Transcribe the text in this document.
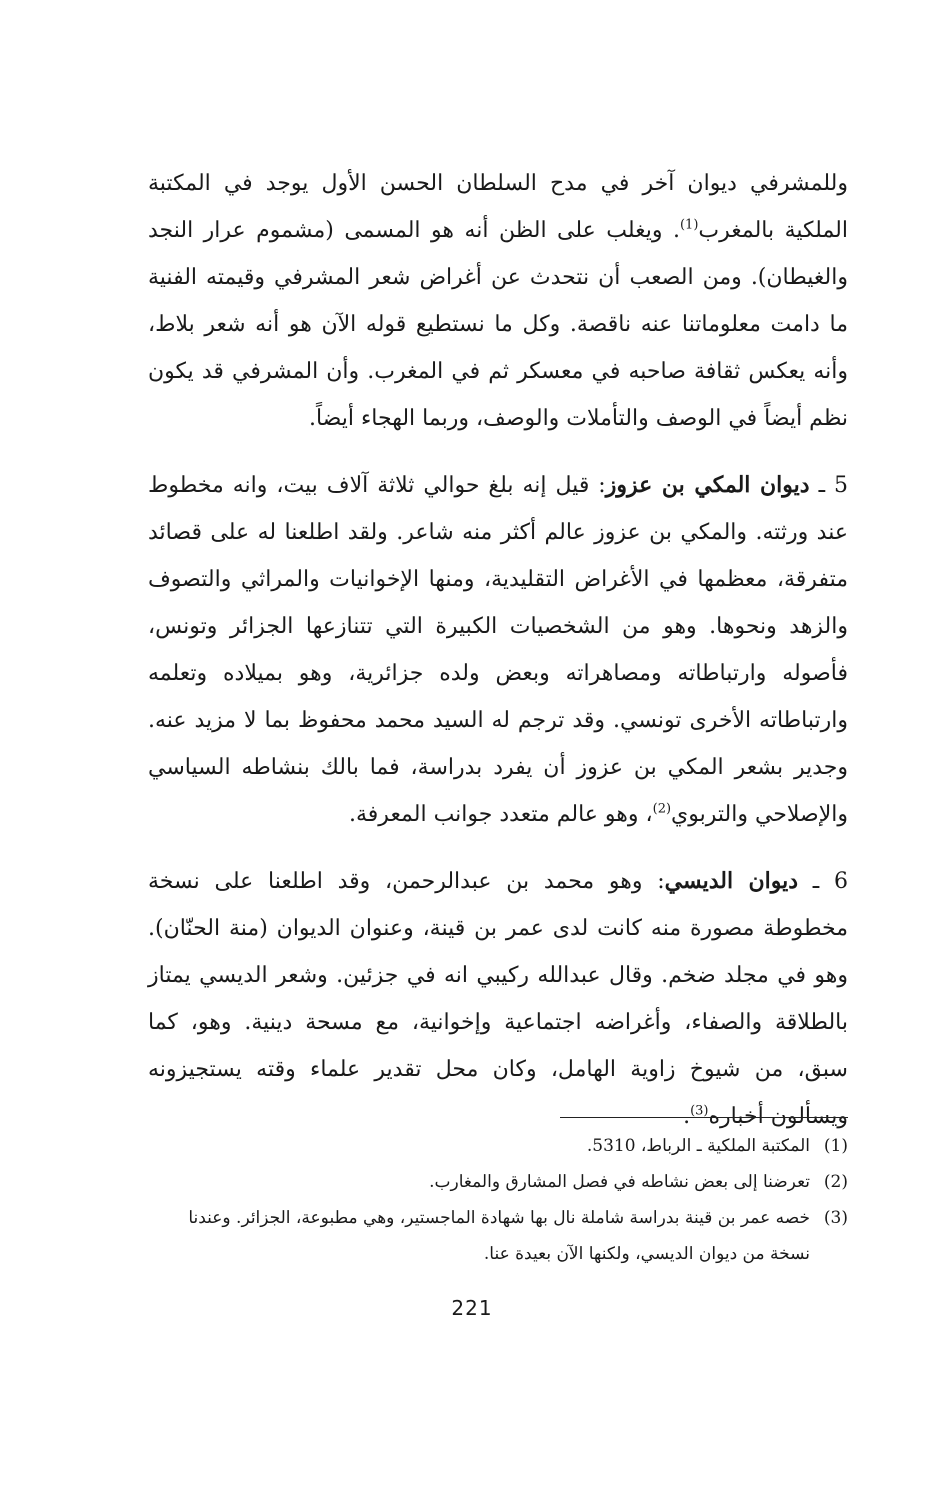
وللمشرفي ديوان آخر في مدح السلطان الحسن الأول يوجد في المكتبة الملكية بالمغرب$^{(1)}$. ويغلب على الظن أنه هو المسمى (مشموم عرار النجد والغيطان). ومن الصعب أن نتحدث عن أغراض شعر المشرفي وقيمته الفنية ما دامت معلوماتنا عنه ناقصة. وكل ما نستطيع قوله الآن هو أنه شعر بلاط، وأنه يعكس ثقافة صاحبه في معسكر ثم في المغرب. وأن المشرفي قد يكون نظم أيضاً في الوصف والتأملات والوصف، وربما الهجاء أيضاً.

5 ـ ديوان المكي بن عزوز: قيل إنه بلغ حوالي ثلاثة آلاف بيت، وانه مخطوط عند ورثته. والمكي بن عزوز عالم أكثر منه شاعر. ولقد اطلعنا له على قصائد متفرقة، معظمها في الأغراض التقليدية، ومنها الإخوانيات والمراثي والتصوف والزهد ونحوها. وهو من الشخصيات الكبيرة التي تتنازعها الجزائر وتونس، فأصوله وارتباطاته ومصاهراته وبعض ولده جزائرية، وهو بميلاده وتعلمه وارتباطاته الأخرى تونسي. وقد ترجم له السيد محمد محفوظ بما لا مزيد عنه. وجدير بشعر المكي بن عزوز أن يفرد بدراسة، فما بالك بنشاطه السياسي والإصلاحي والتربوي$^{(2)}$، وهو عالم متعدد جوانب المعرفة.

6 ـ ديوان الديسي: وهو محمد بن عبدالرحمن، وقد اطلعنا على نسخة مخطوطة مصورة منه كانت لدى عمر بن قينة، وعنوان الديوان (منة الحنّان). وهو في مجلد ضخم. وقال عبدالله ركيبي انه في جزئين. وشعر الديسي يمتاز بالطلاقة والصفاء، وأغراضه اجتماعية وإخوانية، مع مسحة دينية. وهو، كما سبق، من شيوخ زاوية الهامل، وكان محل تقدير علماء وقته يستجيزونه ويسألون أخباره$^{(3)}$.

(1)
المكتبة الملكية ـ الرباط، 5310.
(2)
تعرضنا إلى بعض نشاطه في فصل المشارق والمغارب.
(3)
خصه عمر بن قينة بدراسة شاملة نال بها شهادة الماجستير، وهي مطبوعة، الجزائر. وعندنا نسخة من ديوان الديسي، ولكنها الآن بعيدة عنا.
221
